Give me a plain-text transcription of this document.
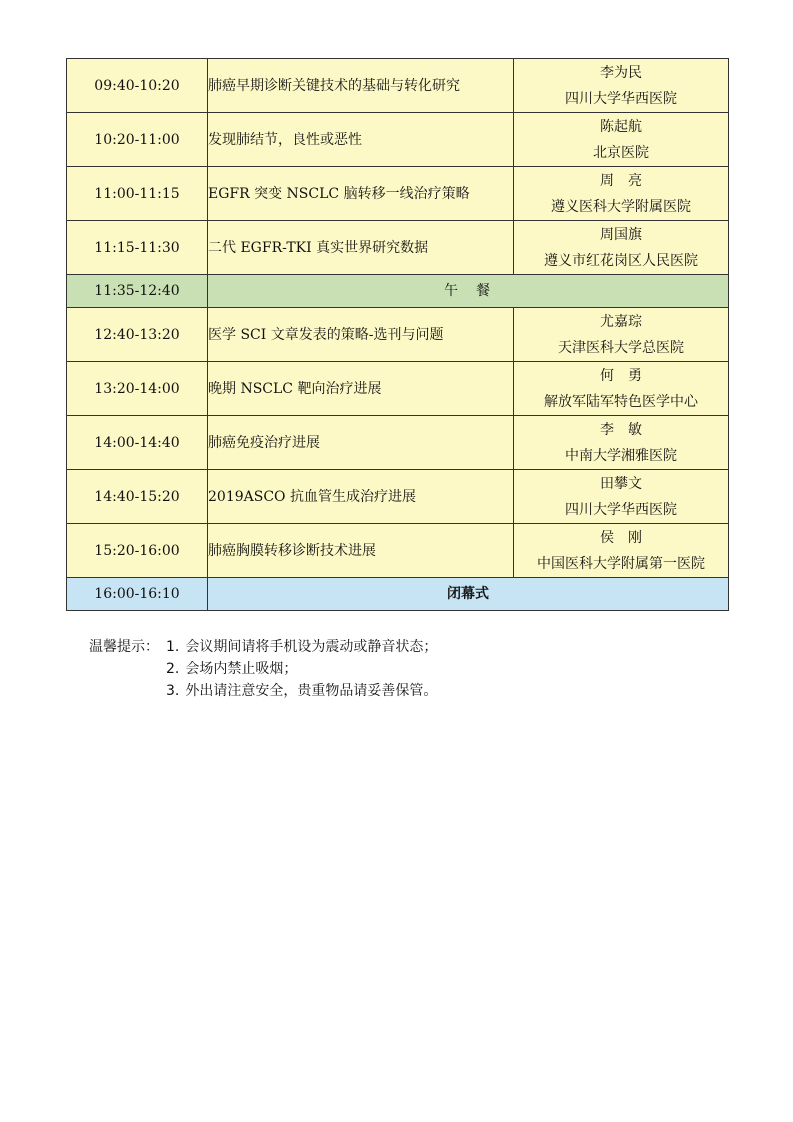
09:40-10:20	肺癌早期诊断关键技术的基础与转化研究	李为民
四川大学华西医院

10:20-11:00	发现肺结节，良性或恶性	陈起航
北京医院

11:00-11:15	EGFR 突变 NSCLC 脑转移一线治疗策略	周　亮
遵义医科大学附属医院

11:15-11:30	二代 EGFR-TKI 真实世界研究数据	周国旗
遵义市红花岗区人民医院

11:35-12:40	午　餐	
12:40-13:20	医学 SCI 文章发表的策略-选刊与问题	尤嘉琮
天津医科大学总医院

13:20-14:00	晚期 NSCLC 靶向治疗进展	何　勇
解放军陆军特色医学中心

14:00-14:40	肺癌免疫治疗进展	李　敏
中南大学湘雅医院

14:40-15:20	2019ASCO 抗血管生成治疗进展	田攀文
四川大学华西医院

15:20-16:00	肺癌胸膜转移诊断技术进展	侯　刚
中国医科大学附属第一医院

16:00-16:10	闭幕式	
温馨提示： 1. 会议期间请将手机设为震动或静音状态；
2. 会场内禁止吸烟；
3. 外出请注意安全，贵重物品请妥善保管。
